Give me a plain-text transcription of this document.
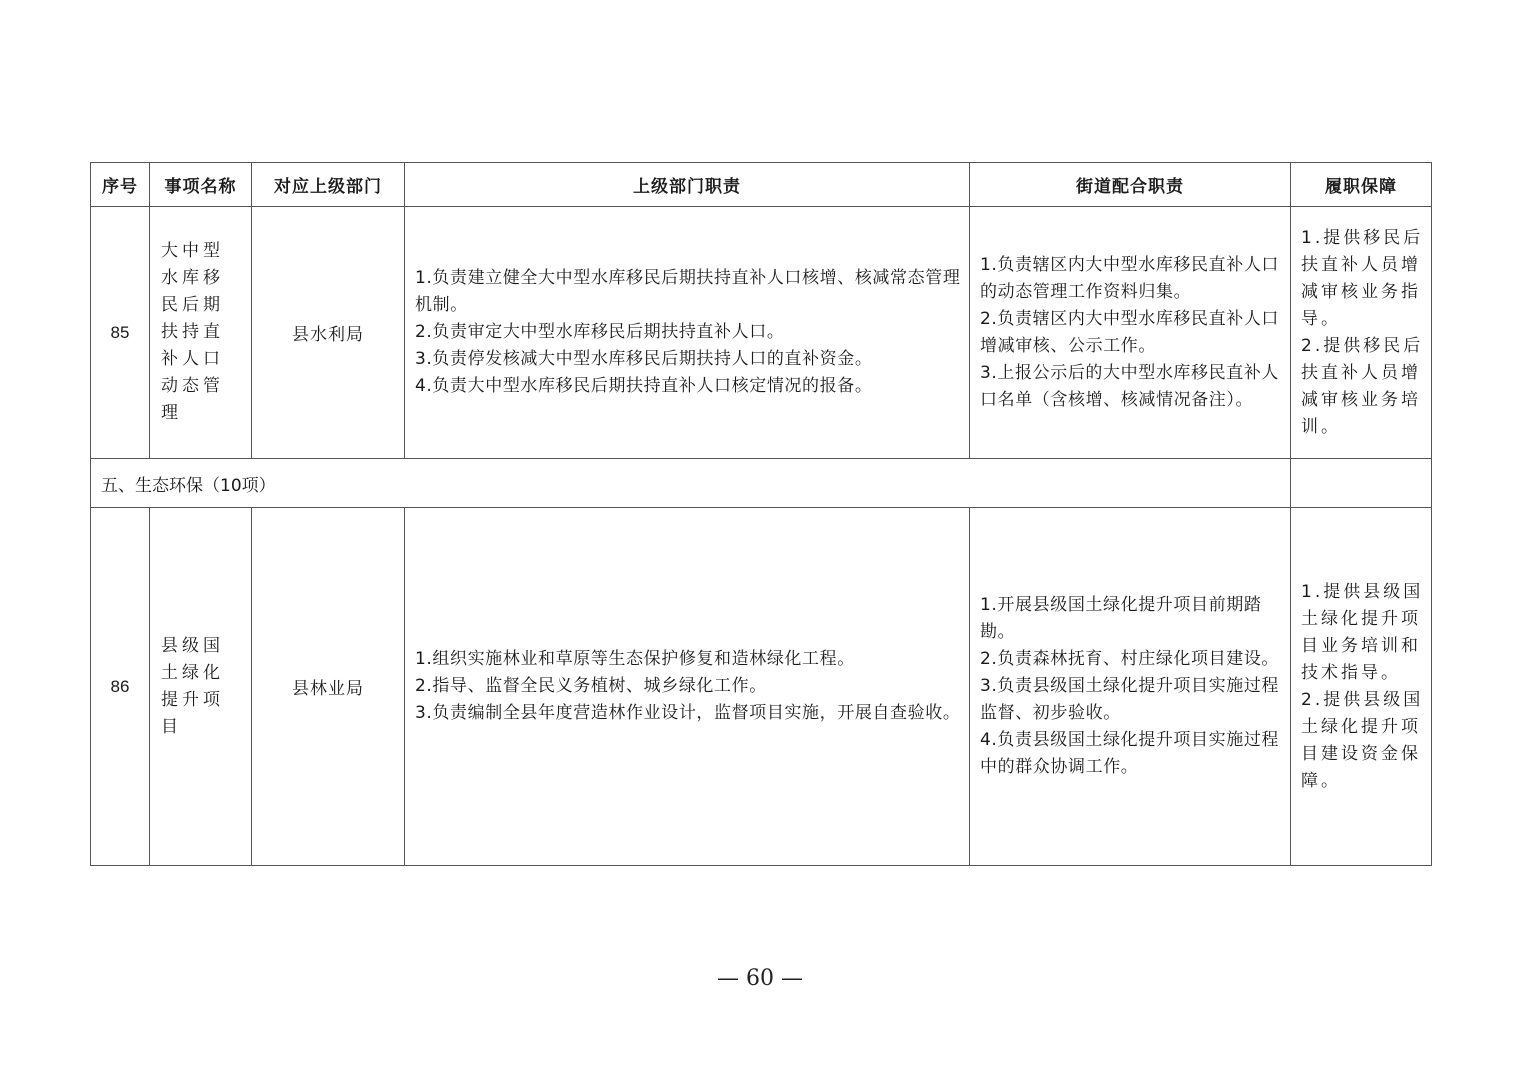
序号	事项名称	对应上级部门	上级部门职责	街道配合职责	履职保障
85	大中型水库移民后期扶持直补人口动态管理	县水利局	1.负责建立健全大中型水库移民后期扶持直补人口核增、核减常态管理机制。
2.负责审定大中型水库移民后期扶持直补人口。
3.负责停发核减大中型水库移民后期扶持人口的直补资金。
4.负责大中型水库移民后期扶持直补人口核定情况的报备。	1.负责辖区内大中型水库移民直补人口的动态管理工作资料归集。
2.负责辖区内大中型水库移民直补人口增减审核、公示工作。
3.上报公示后的大中型水库移民直补人口名单（含核增、核减情况备注）。	1.提供移民后扶直补人员增减审核业务指导。
2.提供移民后扶直补人员增减审核业务培训。

五、生态环保（10项）					
86	县级国土绿化提升项目	县林业局	1.组织实施林业和草原等生态保护修复和造林绿化工程。
2.指导、监督全民义务植树、城乡绿化工作。
3.负责编制全县年度营造林作业设计，监督项目实施，开展自查验收。	1.开展县级国土绿化提升项目前期踏勘。
2.负责森林抚育、村庄绿化项目建设。
3.负责县级国土绿化提升项目实施过程监督、初步验收。
4.负责县级国土绿化提升项目实施过程中的群众协调工作。	1.提供县级国土绿化提升项目业务培训和技术指导。
2.提供县级国土绿化提升项目建设资金保障。
— 60 —
